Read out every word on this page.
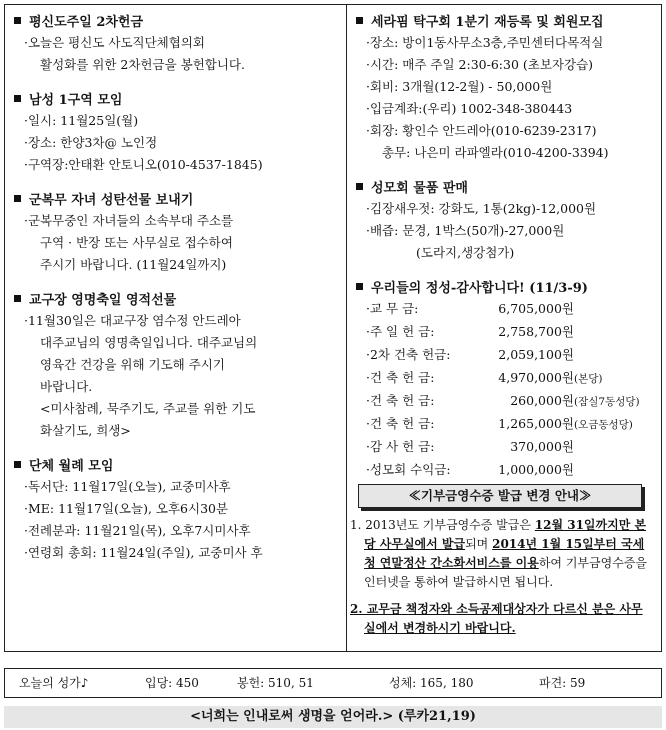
평신도주일 2차헌금
·오늘은 평신도 사도직단체협의회
활성화를 위한 2차헌금을 봉헌합니다.
남성 1구역 모임
·일시: 11월25일(월)
·장소: 한양3차@ 노인정
·구역장:안태환 안토니오(010-4537-1845)
군복무 자녀 성탄선물 보내기
·군복무중인 자녀들의 소속부대 주소를
구역 · 반장 또는 사무실로 접수하여
주시기 바랍니다. (11월24일까지)
교구장 영명축일 영적선물
·11월30일은 대교구장 염수정 안드레아
대주교님의 영명축일입니다. 대주교님의
영육간 건강을 위해 기도해 주시기
바랍니다.
<미사참례, 묵주기도, 주교를 위한 기도
화살기도, 희생>
단체 월례 모임
·독서단: 11월17일(오늘), 교중미사후
·ME: 11월17일(오늘), 오후6시30분
·전례분과: 11월21일(목), 오후7시미사후
·연령회 총회: 11월24일(주일), 교중미사 후
세라핌 탁구회 1분기 재등록 및 회원모집
·장소: 방이1동사무소3층,주민센터다목적실
·시간: 매주 주일 2:30-6:30 (초보자강습)
·회비: 3개월(12-2월) - 50,000원
·입금계좌:(우리) 1002-348-380443
·회장: 황인수 안드레아(010-6239-2317)
총무: 나은미 라파엘라(010-4200-3394)
성모회 물품 판매
·김장새우젓: 강화도, 1통(2kg)-12,000원
·배즙: 문경, 1박스(50개)-27,000원
(도라지,생강첨가)
우리들의 정성-감사합니다! (11/3-9)
·교 무 금:	6,705,000원
·주 일 헌 금:	2,758,700원
·2차 건축 헌금:	2,059,100원
·건 축 헌 금:	4,970,000원(본당)
·건 축 헌 금:	260,000원(잠실7동성당)
·건 축 헌 금:	1,265,000원(오금동성당)
·감 사 헌 금:	370,000원
·성모회 수익금:	1,000,000원
≪기부금영수증 발급 변경 안내≫
1. 2013년도 기부금영수증 발급은 12월 31일까지만 본당 사무실에서 발급되며 2014년 1월 15일부터 국세청 연말정산 간소화서비스를 이용하여 기부금영수증을 인터넷을 통하여 발급하시면 됩니다.
2. 교무금 책정자와 소득공제대상자가 다르신 분은 사무실에서 변경하시기 바랍니다.
오늘의 성가♪	입당: 450	봉헌: 510, 51	성체: 165, 180	파견: 59
<너희는 인내로써 생명을 얻어라.> (루카21,19)
